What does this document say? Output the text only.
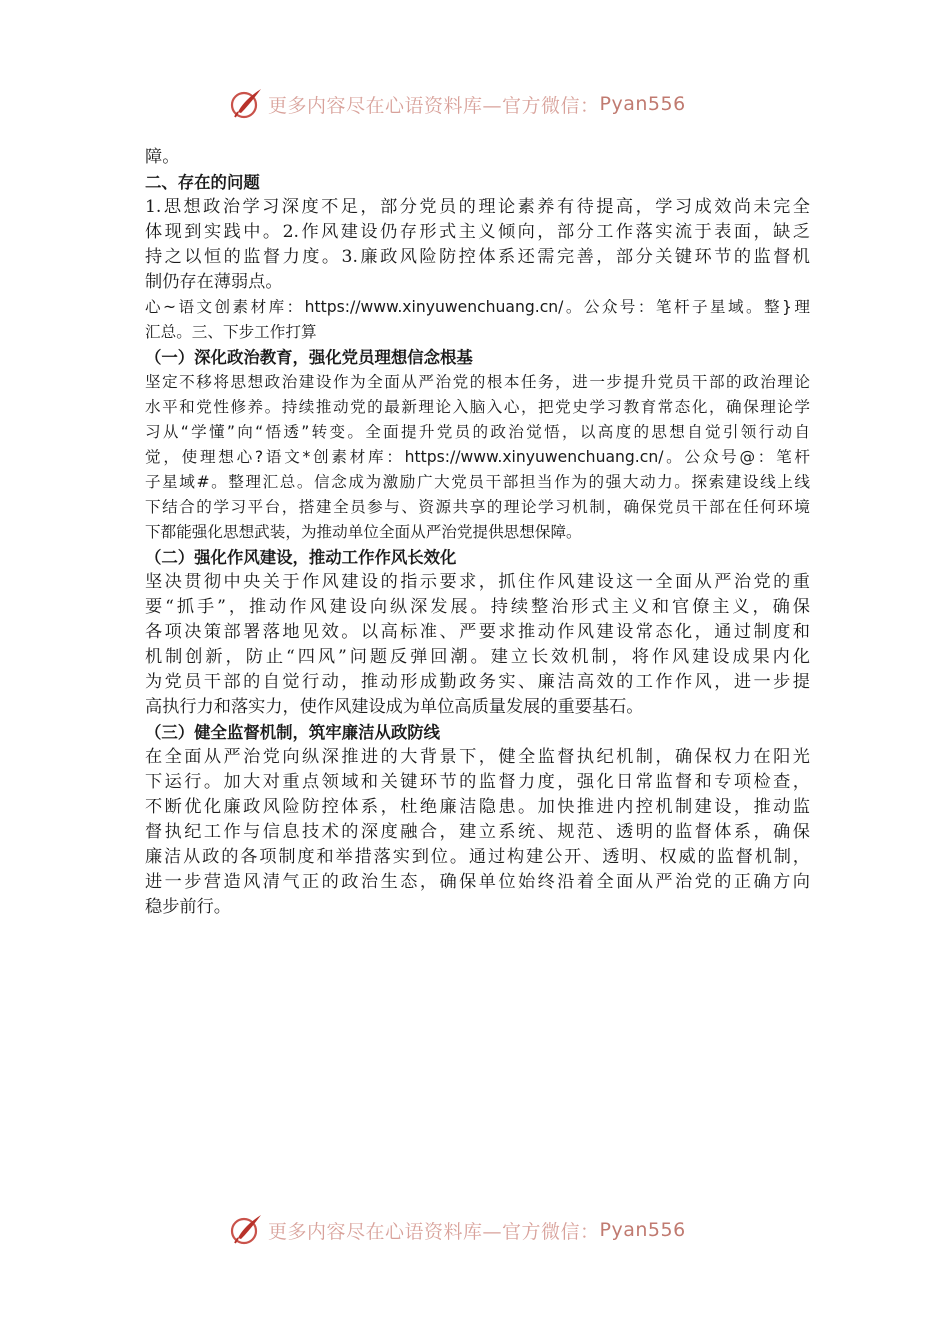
更多内容尽在心语资料库—官方微信： Pyan556
障。
二、存在的问题
1.思想政治学习深度不足，部分党员的理论素养有待提高，学习成效尚未完全
体现到实践中。2.作风建设仍存形式主义倾向，部分工作落实流于表面，缺乏
持之以恒的监督力度。3.廉政风险防控体系还需完善，部分关键环节的监督机
制仍存在薄弱点。
心~语文创素材库：https://www.xinyuwenchuang.cn/。公众号：笔杆子星域。整}理
汇总。三、下步工作打算
（一）深化政治教育，强化党员理想信念根基
坚定不移将思想政治建设作为全面从严治党的根本任务，进一步提升党员干部的政治理论
水平和党性修养。持续推动党的最新理论入脑入心，把党史学习教育常态化，确保理论学
习从“学懂”向“悟透”转变。全面提升党员的政治觉悟，以高度的思想自觉引领行动自
觉，使理想心?语文*创素材库：https://www.xinyuwenchuang.cn/。公众号@：笔杆
子星域#。整理汇总。信念成为激励广大党员干部担当作为的强大动力。探索建设线上线
下结合的学习平台，搭建全员参与、资源共享的理论学习机制，确保党员干部在任何环境
下都能强化思想武装，为推动单位全面从严治党提供思想保障。
（二）强化作风建设，推动工作作风长效化
坚决贯彻中央关于作风建设的指示要求，抓住作风建设这一全面从严治党的重
要“抓手”，推动作风建设向纵深发展。持续整治形式主义和官僚主义，确保
各项决策部署落地见效。以高标准、严要求推动作风建设常态化，通过制度和
机制创新，防止“四风”问题反弹回潮。建立长效机制，将作风建设成果内化
为党员干部的自觉行动，推动形成勤政务实、廉洁高效的工作作风，进一步提
高执行力和落实力，使作风建设成为单位高质量发展的重要基石。
（三）健全监督机制，筑牢廉洁从政防线
在全面从严治党向纵深推进的大背景下，健全监督执纪机制，确保权力在阳光
下运行。加大对重点领域和关键环节的监督力度，强化日常监督和专项检查，
不断优化廉政风险防控体系，杜绝廉洁隐患。加快推进内控机制建设，推动监
督执纪工作与信息技术的深度融合，建立系统、规范、透明的监督体系，确保
廉洁从政的各项制度和举措落实到位。通过构建公开、透明、权威的监督机制，
进一步营造风清气正的政治生态，确保单位始终沿着全面从严治党的正确方向
稳步前行。
更多内容尽在心语资料库—官方微信： Pyan556
